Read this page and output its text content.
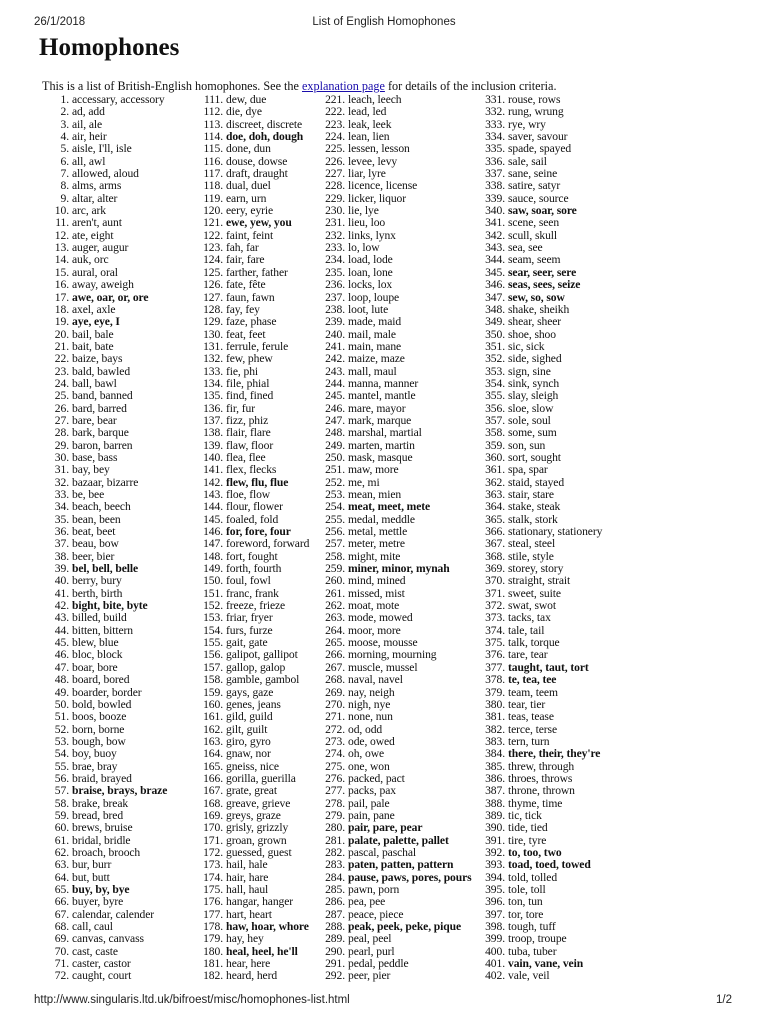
26/1/2018	List of English Homophones
Homophones
This is a list of British-English homophones. See the explanation page for details of the inclusion criteria.
1. accessary, accessory
2. ad, add
3. ail, ale
4. air, heir
5. aisle, I'll, isle
6. all, awl
7. allowed, aloud
8. alms, arms
9. altar, alter
10. arc, ark
11. aren't, aunt
12. ate, eight
13. auger, augur
14. auk, orc
15. aural, oral
16. away, aweigh
17. awe, oar, or, ore
18. axel, axle
19. aye, eye, I
20. bail, bale
21. bait, bate
22. baize, bays
23. bald, bawled
24. ball, bawl
25. band, banned
26. bard, barred
27. bare, bear
28. bark, barque
29. baron, barren
30. base, bass
31. bay, bey
32. bazaar, bizarre
33. be, bee
34. beach, beech
35. bean, been
36. beat, beet
37. beau, bow
38. beer, bier
39. bel, bell, belle
40. berry, bury
41. berth, birth
42. bight, bite, byte
43. billed, build
44. bitten, bittern
45. blew, blue
46. bloc, block
47. boar, bore
48. board, bored
49. boarder, border
50. bold, bowled
51. boos, booze
52. born, borne
53. bough, bow
54. boy, buoy
55. brae, bray
56. braid, brayed
57. braise, brays, braze
58. brake, break
59. bread, bred
60. brews, bruise
61. bridal, bridle
62. broach, brooch
63. bur, burr
64. but, butt
65. buy, by, bye
66. buyer, byre
67. calendar, calender
68. call, caul
69. canvas, canvass
70. cast, caste
71. caster, castor
72. caught, court
111. dew, due
112. die, dye
113. discreet, discrete
114. doe, doh, dough
115. done, dun
116. douse, dowse
117. draft, draught
118. dual, duel
119. earn, urn
120. eery, eyrie
121. ewe, yew, you
122. faint, feint
123. fah, far
124. fair, fare
125. farther, father
126. fate, fête
127. faun, fawn
128. fay, fey
129. faze, phase
130. feat, feet
131. ferrule, ferule
132. few, phew
133. fie, phi
134. file, phial
135. find, fined
136. fir, fur
137. fizz, phiz
138. flair, flare
139. flaw, floor
140. flea, flee
141. flex, flecks
142. flew, flu, flue
143. floe, flow
144. flour, flower
145. foaled, fold
146. for, fore, four
147. foreword, forward
148. fort, fought
149. forth, fourth
150. foul, fowl
151. franc, frank
152. freeze, frieze
153. friar, fryer
154. furs, furze
155. gait, gate
156. galipot, gallipot
157. gallop, galop
158. gamble, gambol
159. gays, gaze
160. genes, jeans
161. gild, guild
162. gilt, guilt
163. giro, gyro
164. gnaw, nor
165. gneiss, nice
166. gorilla, guerilla
167. grate, great
168. greave, grieve
169. greys, graze
170. grisly, grizzly
171. groan, grown
172. guessed, guest
173. hail, hale
174. hair, hare
175. hall, haul
176. hangar, hanger
177. hart, heart
178. haw, hoar, whore
179. hay, hey
180. heal, heel, he'll
181. hear, here
182. heard, herd
221. leach, leech
222. lead, led
223. leak, leek
224. lean, lien
225. lessen, lesson
226. levee, levy
227. liar, lyre
228. licence, license
229. licker, liquor
230. lie, lye
231. lieu, loo
232. links, lynx
233. lo, low
234. load, lode
235. loan, lone
236. locks, lox
237. loop, loupe
238. loot, lute
239. made, maid
240. mail, male
241. main, mane
242. maize, maze
243. mall, maul
244. manna, manner
245. mantel, mantle
246. mare, mayor
247. mark, marque
248. marshal, martial
249. marten, martin
250. mask, masque
251. maw, more
252. me, mi
253. mean, mien
254. meat, meet, mete
255. medal, meddle
256. metal, mettle
257. meter, metre
258. might, mite
259. miner, minor, mynah
260. mind, mined
261. missed, mist
262. moat, mote
263. mode, mowed
264. moor, more
265. moose, mousse
266. morning, mourning
267. muscle, mussel
268. naval, navel
269. nay, neigh
270. nigh, nye
271. none, nun
272. od, odd
273. ode, owed
274. oh, owe
275. one, won
276. packed, pact
277. packs, pax
278. pail, pale
279. pain, pane
280. pair, pare, pear
281. palate, palette, pallet
282. pascal, paschal
283. paten, patten, pattern
284. pause, paws, pores, pours
285. pawn, porn
286. pea, pee
287. peace, piece
288. peak, peek, peke, pique
289. peal, peel
290. pearl, purl
291. pedal, peddle
292. peer, pier
331. rouse, rows
332. rung, wrung
333. rye, wry
334. saver, savour
335. spade, spayed
336. sale, sail
337. sane, seine
338. satire, satyr
339. sauce, source
340. saw, soar, sore
341. scene, seen
342. scull, skull
343. sea, see
344. seam, seem
345. sear, seer, sere
346. seas, sees, seize
347. sew, so, sow
348. shake, sheikh
349. shear, sheer
350. shoe, shoo
351. sic, sick
352. side, sighed
353. sign, sine
354. sink, synch
355. slay, sleigh
356. sloe, slow
357. sole, soul
358. some, sum
359. son, sun
360. sort, sought
361. spa, spar
362. staid, stayed
363. stair, stare
364. stake, steak
365. stalk, stork
366. stationary, stationery
367. steal, steel
368. stile, style
369. storey, story
370. straight, strait
371. sweet, suite
372. swat, swot
373. tacks, tax
374. tale, tail
375. talk, torque
376. tare, tear
377. taught, taut, tort
378. te, tea, tee
379. team, teem
380. tear, tier
381. teas, tease
382. terce, terse
383. tern, turn
384. there, their, they're
385. threw, through
386. throes, throws
387. throne, thrown
388. thyme, time
389. tic, tick
390. tide, tied
391. tire, tyre
392. to, too, two
393. toad, toed, towed
394. told, tolled
395. tole, toll
396. ton, tun
397. tor, tore
398. tough, tuff
399. troop, troupe
400. tuba, tuber
401. vain, vane, vein
402. vale, veil
http://www.singularis.ltd.uk/bifroest/misc/homophones-list.html	1/2
